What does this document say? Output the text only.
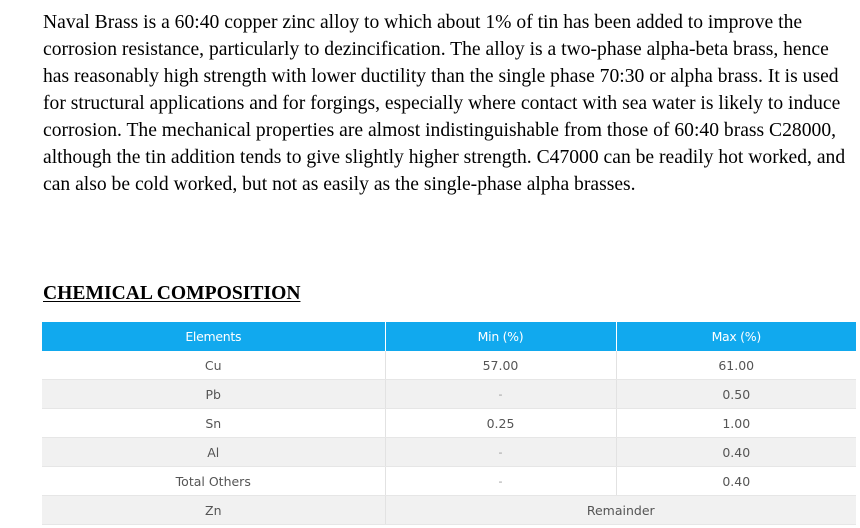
Naval Brass is a 60:40 copper zinc alloy to which about 1% of tin has been added to improve the corrosion resistance, particularly to dezincification. The alloy is a two-phase alpha-beta brass, hence has reasonably high strength with lower ductility than the single phase 70:30 or alpha brass. It is used for structural applications and for forgings, especially where contact with sea water is likely to induce corrosion. The mechanical properties are almost indistinguishable from those of 60:40 brass C28000, although the tin addition tends to give slightly higher strength. C47000 can be readily hot worked, and can also be cold worked, but not as easily as the single-phase alpha brasses.

CHEMICAL COMPOSITION
Elements	Min (%)	Max (%)
Cu	57.00	61.00
Pb	-	0.50
Sn	0.25	1.00
Al	-	0.40
Total Others	-	0.40
Zn	Remainder	
